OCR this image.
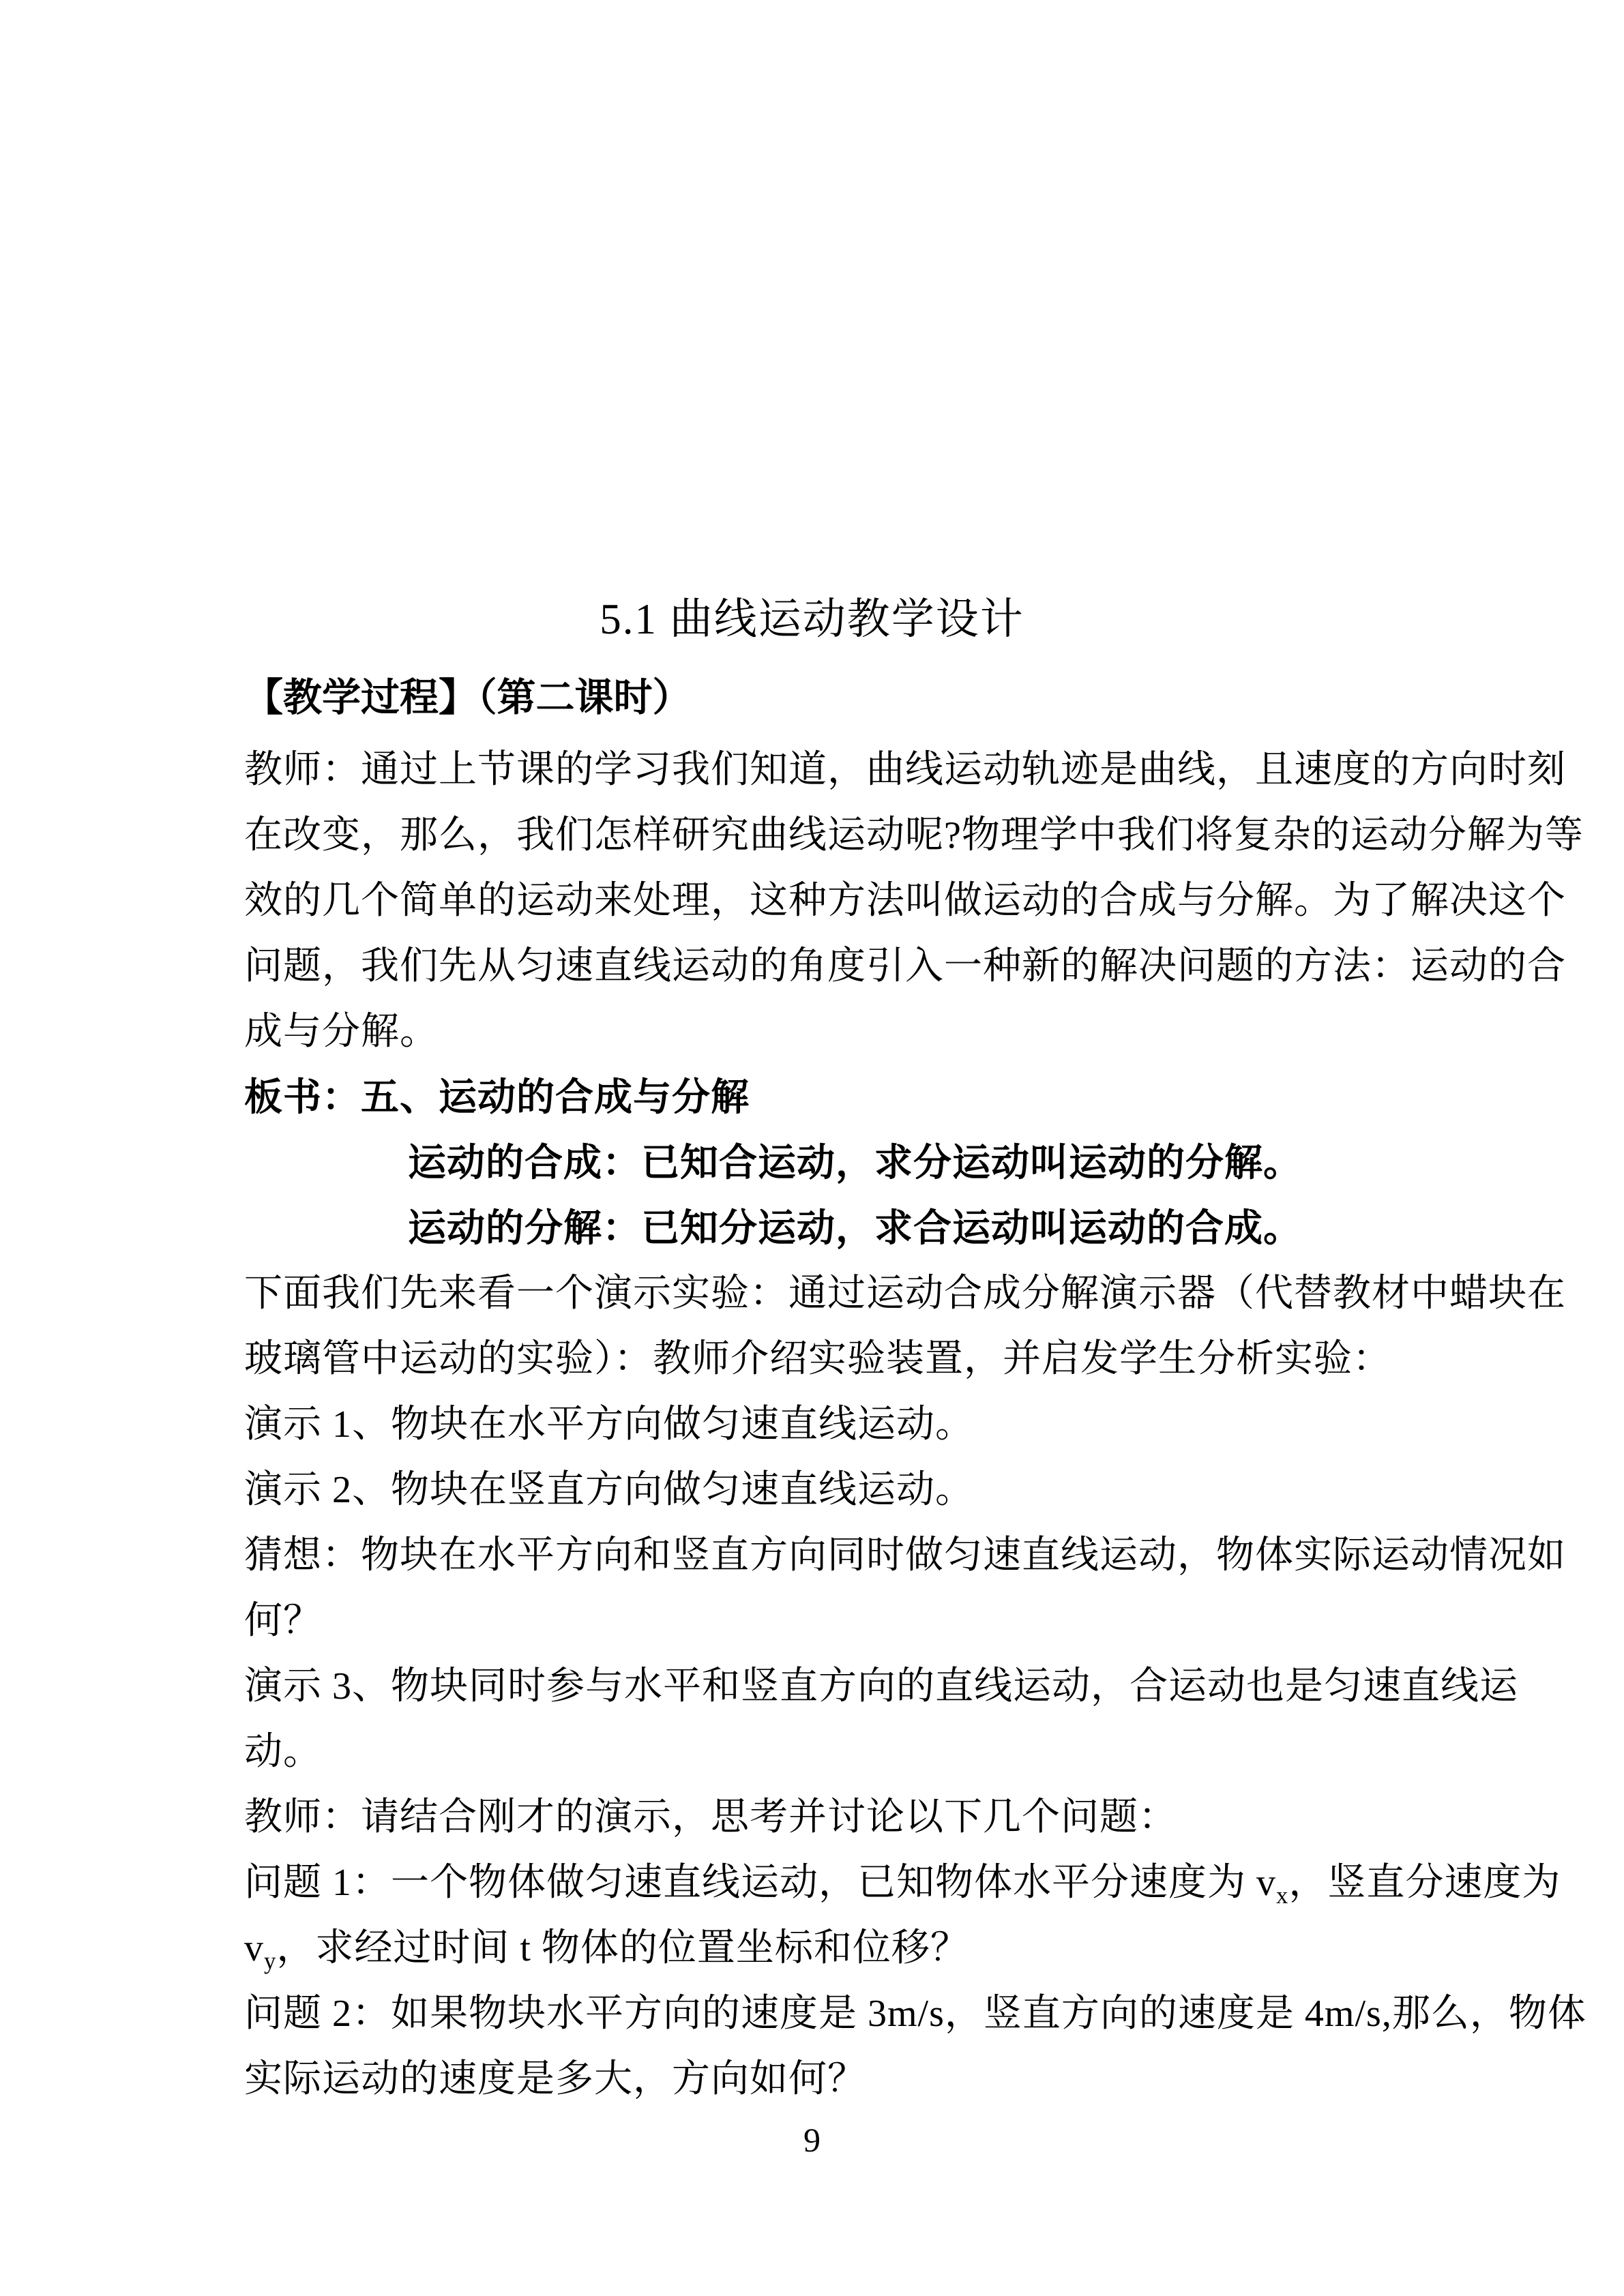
5.1 曲线运动教学设计
【教学过程】（第二课时）
教师：通过上节课的学习我们知道，曲线运动轨迹是曲线，且速度的方向时刻
在改变，那么，我们怎样研究曲线运动呢?物理学中我们将复杂的运动分解为等
效的几个简单的运动来处理，这种方法叫做运动的合成与分解。为了解决这个
问题，我们先从匀速直线运动的角度引入一种新的解决问题的方法：运动的合
成与分解。
板书：五、运动的合成与分解
运动的合成：已知合运动，求分运动叫运动的分解。
运动的分解：已知分运动，求合运动叫运动的合成。
下面我们先来看一个演示实验：通过运动合成分解演示器（代替教材中蜡块在
玻璃管中运动的实验）：教师介绍实验装置，并启发学生分析实验：
演示 1、物块在水平方向做匀速直线运动。
演示 2、物块在竖直方向做匀速直线运动。
猜想：物块在水平方向和竖直方向同时做匀速直线运动，物体实际运动情况如
何？
演示 3、物块同时参与水平和竖直方向的直线运动，合运动也是匀速直线运
动。
教师：请结合刚才的演示，思考并讨论以下几个问题：
问题 1：一个物体做匀速直线运动，已知物体水平分速度为 $v_x$，竖直分速度为
$v_y$，求经过时间 t 物体的位置坐标和位移？
问题 2：如果物块水平方向的速度是 3m/s，竖直方向的速度是 4m/s,那么，物体
实际运动的速度是多大，方向如何？
9
